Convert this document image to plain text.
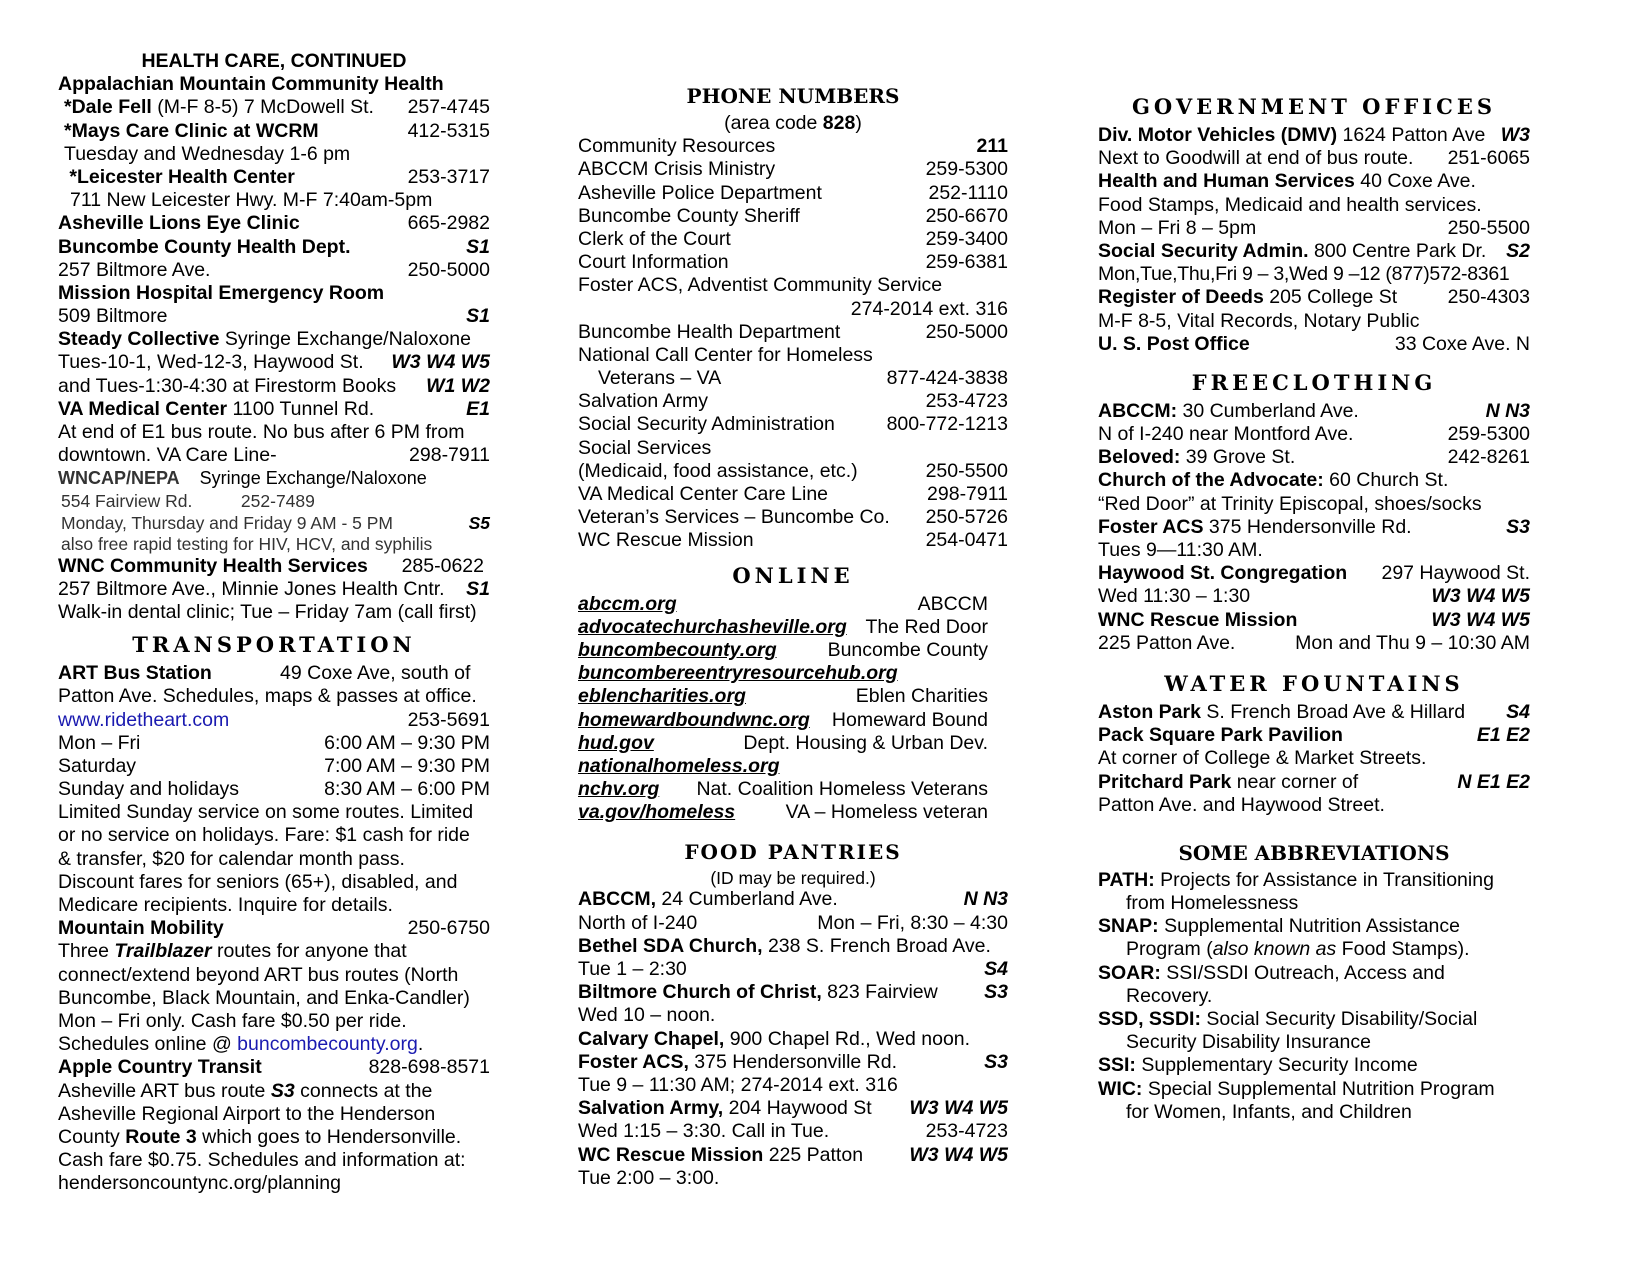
HEALTH CARE, CONTINUED
Appalachian Mountain Community Health
*Dale Fell (M-F 8-5) 7 McDowell St. 257-4745
*Mays Care Clinic at WCRM	412-5315
Tuesday and Wednesday 1-6 pm
*Leicester Health Center	253-3717
711 New Leicester Hwy. M-F 7:40am-5pm
Asheville Lions Eye Clinic	665-2982
Buncombe County Health Dept.	S1
257 Biltmore Ave.	250-5000
Mission Hospital Emergency Room
509 Biltmore	S1
Steady Collective Syringe Exchange/Naloxone
Tues-10-1, Wed-12-3, Haywood St. W3 W4 W5
and Tues-1:30-4:30 at Firestorm Books W1 W2
VA Medical Center 1100 Tunnel Rd.	E1
At end of E1 bus route. No bus after 6 PM from
downtown. VA Care Line-	298-7911
WNCAP/NEPA    Syringe Exchange/Naloxone
554 Fairview Rd.          252-7489
Monday, Thursday and Friday 9 AM - 5 PM	S5
also free rapid testing for HIV, HCV, and syphilis
WNC Community Health Services 285-0622
257 Biltmore Ave., Minnie Jones Health Cntr. S1
Walk-in dental clinic; Tue – Friday 7am (call first)
TRANSPORTATION
ART Bus Station	49 Coxe Ave, south of
Patton Ave. Schedules, maps & passes at office.
www.ridetheart.com	253-5691
Mon – Fri	6:00 AM – 9:30 PM
Saturday	7:00 AM – 9:30 PM
Sunday and holidays	8:30 AM – 6:00 PM
Limited Sunday service on some routes. Limited
or no service on holidays. Fare: $1 cash for ride
& transfer, $20 for calendar month pass.
Discount fares for seniors (65+), disabled, and
Medicare recipients. Inquire for details.
Mountain Mobility	250-6750
Three Trailblazer routes for anyone that
connect/extend beyond ART bus routes (North
Buncombe, Black Mountain, and Enka-Candler)
Mon – Fri only. Cash fare $0.50 per ride.
Schedules online @ buncombecounty.org.
Apple Country Transit	828-698-8571
Asheville ART bus route S3 connects at the
Asheville Regional Airport to the Henderson
County Route 3 which goes to Hendersonville.
Cash fare $0.75. Schedules and information at:
hendersoncountync.org/planning
PHONE NUMBERS
(area code 828)
Community Resources	211
ABCCM Crisis Ministry	259-5300
Asheville Police Department	252-1110
Buncombe County Sheriff	250-6670
Clerk of the Court	259-3400
Court Information	259-6381
Foster ACS, Adventist Community Service
274-2014 ext. 316
Buncombe Health Department	250-5000
National Call Center for Homeless
Veterans – VA	877-424-3838
Salvation Army	253-4723
Social Security Administration	800-772-1213
Social Services
(Medicaid, food assistance, etc.)	250-5500
VA Medical Center Care Line	298-7911
Veteran’s Services – Buncombe Co. 250-5726
WC Rescue Mission	254-0471
ONLINE
abccm.org	ABCCM
advocatechurchasheville.org The Red Door
buncombecounty.org	Buncombe County
buncombereentryresourcehub.org
eblencharities.org	Eblen Charities
homewardboundwnc.org Homeward Bound
hud.gov	Dept. Housing & Urban Dev.
nationalhomeless.org
nchv.org Nat. Coalition Homeless Veterans
va.gov/homeless	VA – Homeless veteran
FOOD PANTRIES
(ID may be required.)
ABCCM, 24 Cumberland Ave.	N N3
North of I-240	Mon – Fri, 8:30 – 4:30
Bethel SDA Church, 238 S. French Broad Ave.
Tue 1 – 2:30	S4
Biltmore Church of Christ, 823 Fairview S3
Wed 10 – noon.
Calvary Chapel, 900 Chapel Rd., Wed noon.
Foster ACS, 375 Hendersonville Rd.	S3
Tue 9 – 11:30 AM; 274-2014 ext. 316
Salvation Army, 204 Haywood St W3 W4 W5
Wed 1:15 – 3:30. Call in Tue.	253-4723
WC Rescue Mission 225 Patton W3 W4 W5
Tue 2:00 – 3:00.
GOVERNMENT OFFICES
Div. Motor Vehicles (DMV) 1624 Patton Ave W3
Next to Goodwill at end of bus route. 251-6065
Health and Human Services 40 Coxe Ave.
Food Stamps, Medicaid and health services.
Mon – Fri 8 – 5pm	250-5500
Social Security Admin. 800 Centre Park Dr. S2
Mon,Tue,Thu,Fri 9 – 3,Wed 9 –12 (877)572-8361
Register of Deeds 205 College St	250-4303
M-F 8-5, Vital Records, Notary Public
U. S. Post Office	33 Coxe Ave. N
FREECLOTHING
ABCCM: 30 Cumberland Ave.	N N3
N of I-240 near Montford Ave.	259-5300
Beloved: 39 Grove St.	242-8261
Church of the Advocate: 60 Church St.
“Red Door” at Trinity Episcopal, shoes/socks
Foster ACS 375 Hendersonville Rd.	S3
Tues 9—11:30 AM.
Haywood St. Congregation 297 Haywood St.
Wed 11:30 – 1:30	W3 W4 W5
WNC Rescue Mission	W3 W4 W5
225 Patton Ave.	Mon and Thu 9 – 10:30 AM
WATER FOUNTAINS
Aston Park S. French Broad Ave & Hillard S4
Pack Square Park Pavilion	E1 E2
At corner of College & Market Streets.
Pritchard Park near corner of	N E1 E2
Patton Ave. and Haywood Street.
SOME ABBREVIATIONS
PATH: Projects for Assistance in Transitioning
from Homelessness
SNAP: Supplemental Nutrition Assistance
Program (also known as Food Stamps).
SOAR: SSI/SSDI Outreach, Access and
Recovery.
SSD, SSDI: Social Security Disability/Social
Security Disability Insurance
SSI: Supplementary Security Income
WIC: Special Supplemental Nutrition Program
for Women, Infants, and Children
